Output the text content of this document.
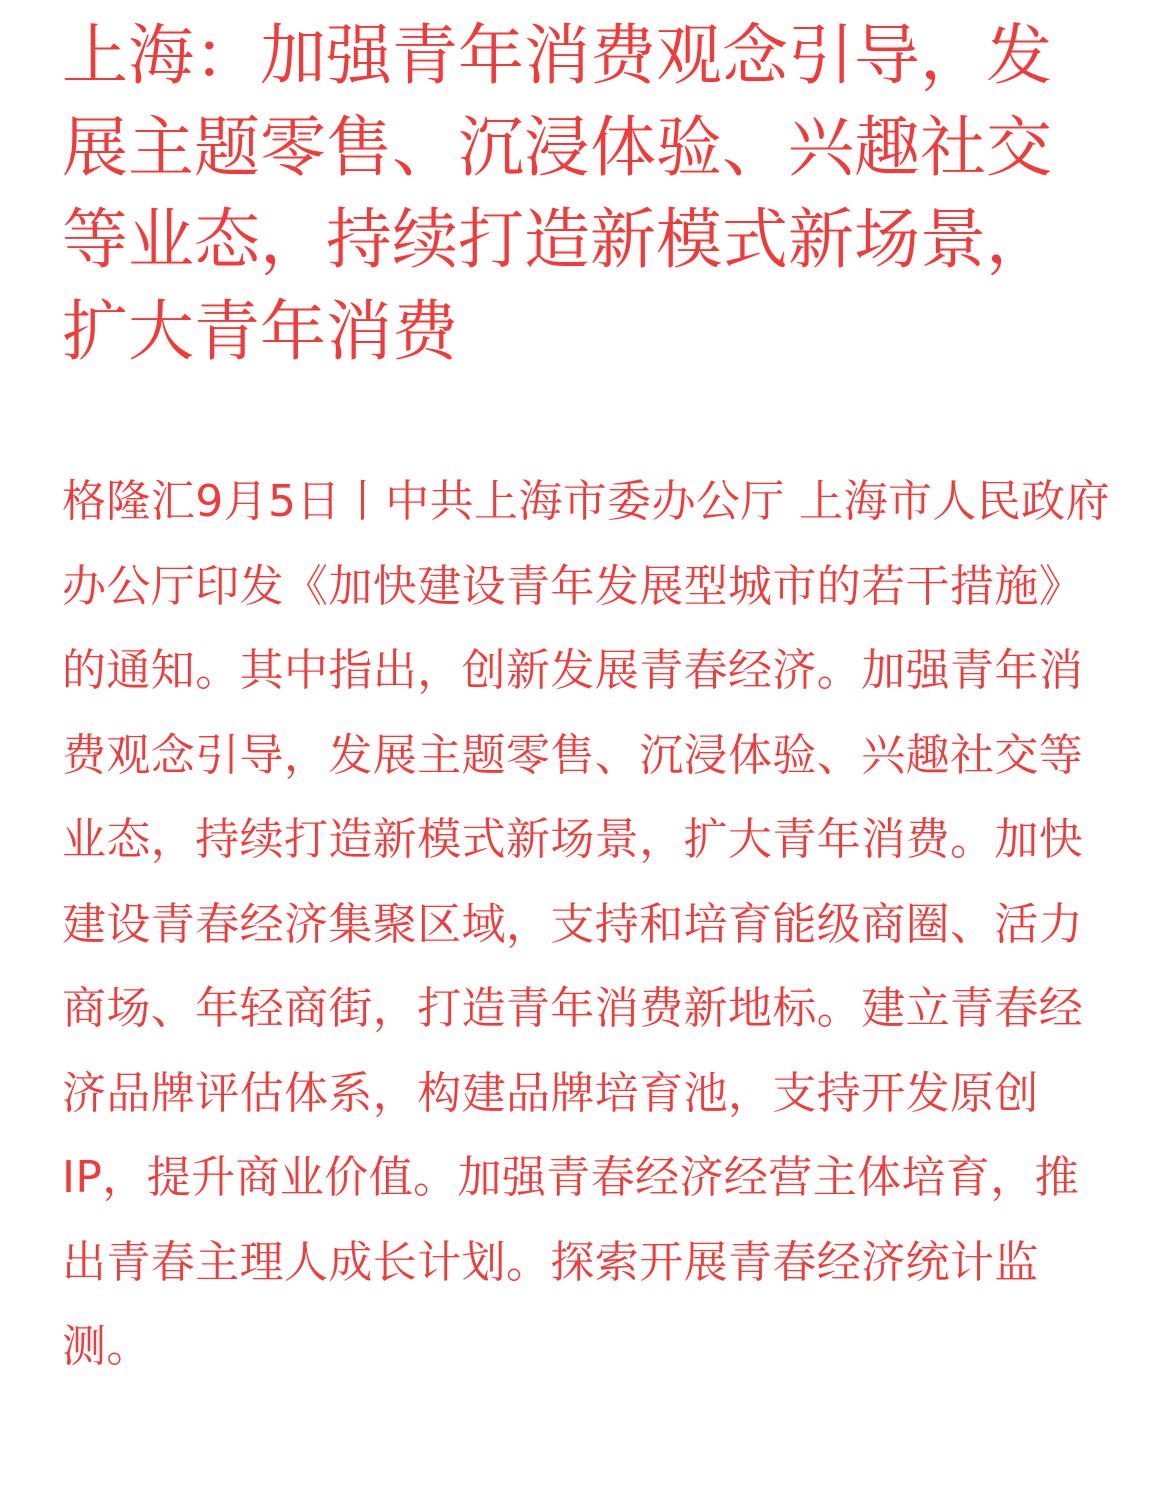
上海：加强青年消费观念引导，发展主题零售、沉浸体验、兴趣社交等业态，持续打造新模式新场景，扩大青年消费

格隆汇9月5日丨中共上海市委办公厅 上海市人民政府办公厅印发《加快建设青年发展型城市的若干措施》的通知。其中指出，创新发展青春经济。加强青年消费观念引导，发展主题零售、沉浸体验、兴趣社交等业态，持续打造新模式新场景，扩大青年消费。加快建设青春经济集聚区域，支持和培育能级商圈、活力商场、年轻商街，打造青年消费新地标。建立青春经济品牌评估体系，构建品牌培育池，支持开发原创IP，提升商业价值。加强青春经济经营主体培育，推出青春主理人成长计划。探索开展青春经济统计监测。
